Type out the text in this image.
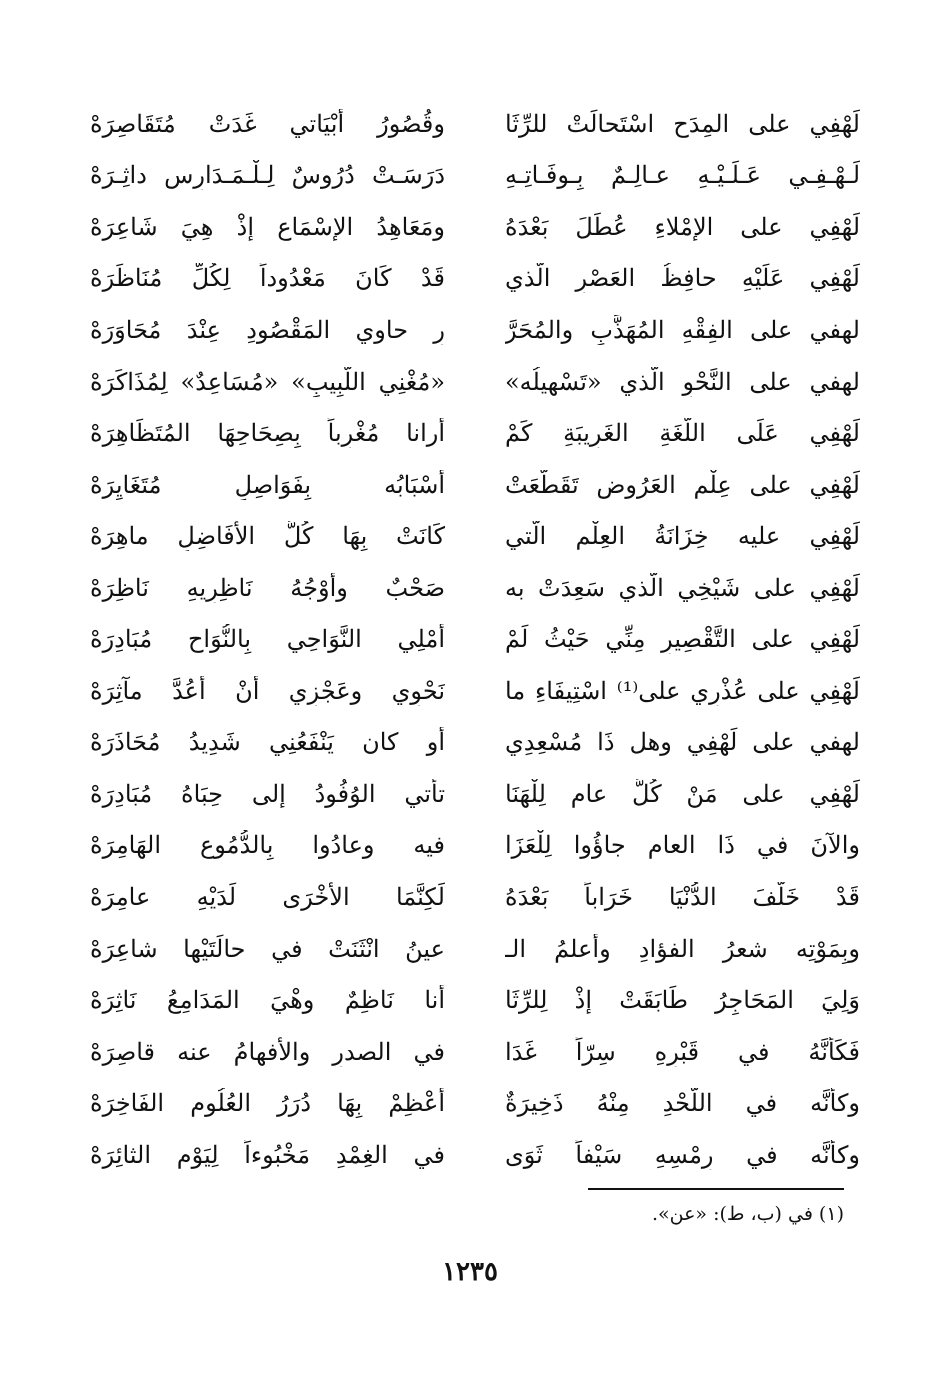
لَهْفِي على المِدَحِ اسْتَحالَتْ للرِّثَا
وقُصُورُ أبْيَاتي غَدَتْ مُتَقَاصِرَهْ
لَـهْـفِـي عَـلَـيْـهِ عـالِـمٌ بِـوفَـاتِـهِ
دَرَسَـتْ دُرُوسٌ لِـلْـمَـدَارِسِ داثِـرَهْ
لَهْفِي على الإمْلاءِ عُطِّلَ بَعْدَهُ
ومَعَاهِدُ الإسْمَاعِ إذْ هِيَ شَاعِرَهْ
لَهْفِي عَلَيْهِ حافِظُ العَصْرِ الَّذي
قَدْ كَانَ مَعْدُوداً لِكُلِّ مُنَاظَرَهْ
لهفي على الفِقْهِ المُهَذَّبِ والمُحَرَّ
رِ حاوي المَقْصُودِ عِنْدَ مُحَاوَرَهْ
لهفي على النَّحْوِ الَّذي «تَسْهِيلُه»
«مُغْنِي اللَّبِيبِ» «مُسَاعِدٌ» لِمُذَاكَرَهْ
لَهْفِي عَلَى اللُّغَةِ الغَرِيبَةِ كَمْ
أرانا مُغْرِباً بِصِحَاحِهَا المُتَظَاهِرَهْ
لَهْفِي على عِلْمِ العَرُوضِ تَقَطَّعَتْ
أسْبَابُه بِفَوَاصِلٍ مُتَغَايِرَهْ
لَهْفِي عليه خِزَانَةُ العِلْمِ الَّتي
كَانَتْ بِهَا كُلُّ الأفَاضِلِ ماهِرَهْ
لَهْفِي على شَيْخِي الَّذي سَعِدَتْ به
صَحْبٌ وأوْجُهُ نَاظِرِيهِ نَاظِرَهْ
لَهْفِي على التَّقْصِيرِ مِنِّي حَيْثُ لَمْ
أُمْلِي النَّوَاحِي بِالنُّوَاحِ مُبَادِرَهْ
لَهْفِي على عُذْرِي على⁽¹⁾ اسْتِيفَاءِ ما
نَحْوِي وعَجْزِي أنْ أعُدَّ مآثِرَهْ
لهفي على لَهْفِي وهل ذَا مُسْعِدِي
أو كان يَنْفَعُنِي شَدِيدُ مُحَاذَرَهْ
لَهْفِي على مَنْ كُلُّ عامٍ لِلْهَنَا
تأتي الوُفُودُ إلى حِبَاهُ مُبَادِرَهْ
والآنَ في ذَا العامِ جاؤُوا لِلْعَزَا
فيه وعادُوا بِالدُّمُوعِ الهَامِرَهْ
قَدْ خَلَّفَ الدُّنْيَا خَرَاباً بَعْدَهُ
لَكِنَّمَا الأُخْرَى لَدَيْهِ عامِرَهْ
وبِمَوْتِه شعرُ الفؤادِ وأعلمُ الـ
عينُ انْثَنَتْ في حالَتَيْها شاعِرَهْ
وَلِيَ المَحَاجِرُ طَابَقَتْ إذْ لِلرِّثَا
أنا نَاظِمٌ وهْيَ المَدَامِعُ نَاثِرَهْ
فَكَأنَّهُ في قَبْرِهِ سِرّاً غَدَا
في الصدرِ والأفهامُ عنه قاصِرَهْ
وكأنَّه في اللَّحْدِ مِنْهُ ذَخِيرَةٌ
أعْظِمْ بِهَا دُرَرُ العُلُومِ الفَاخِرَهْ
وكأنَّه في رِمْسِهِ سَيْفاً ثَوَى
في الغِمْدِ مَخْبُوءاً لِيَوْمِ الثائِرَهْ
(١) في (ب، ط): «عن».
١٢٣٥
